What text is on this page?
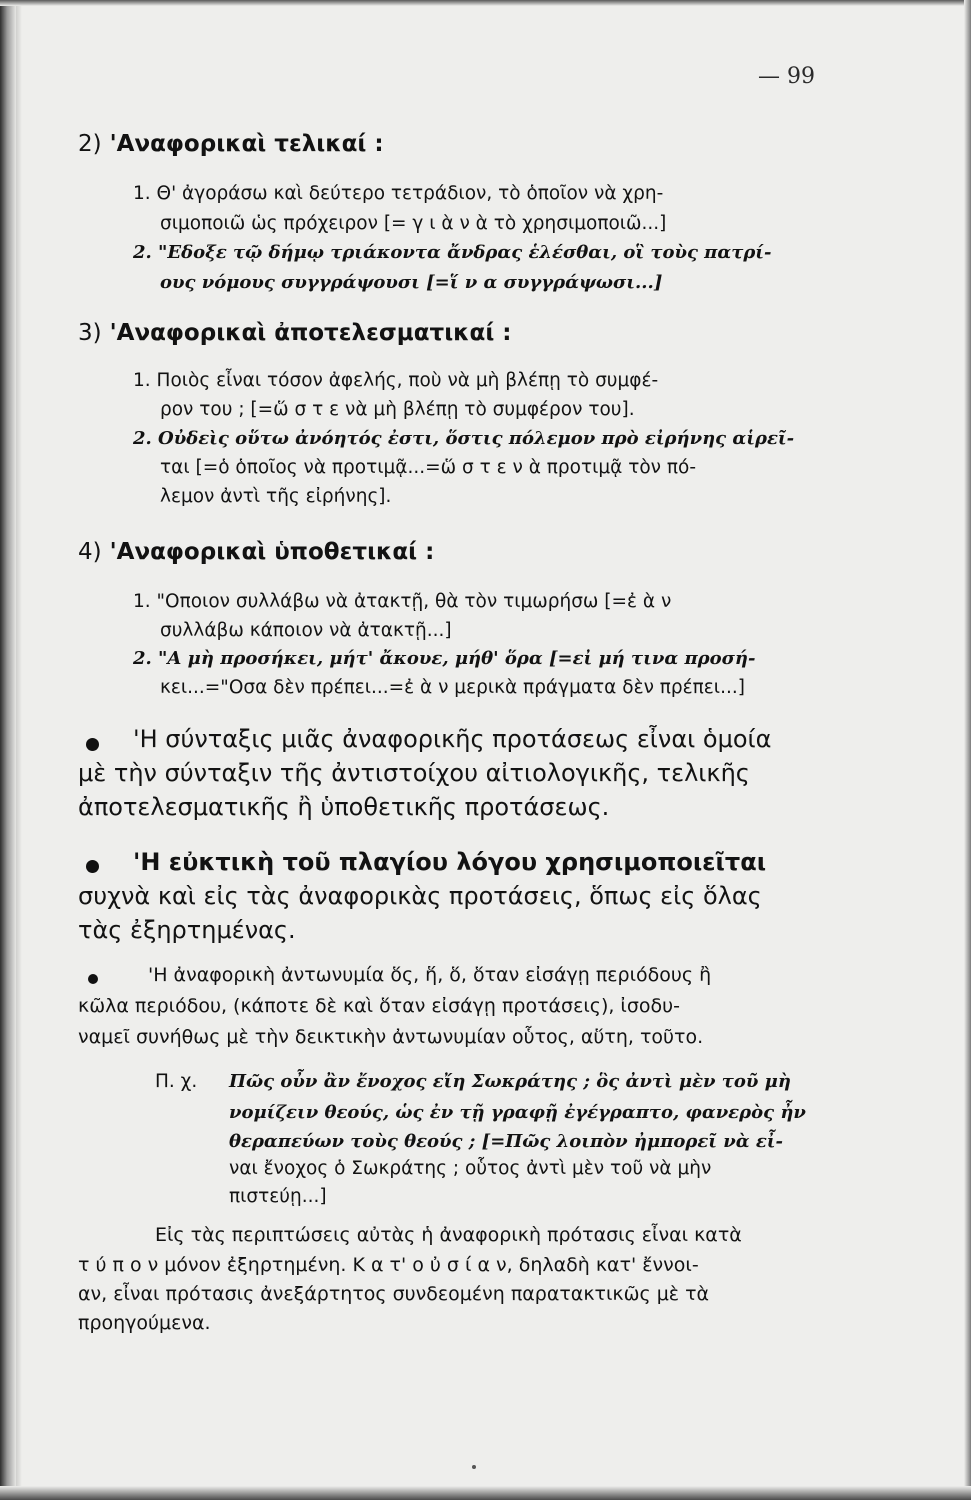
— 99
2) 'Αναφορικαὶ τελικαί :
1. Θ' ἀγοράσω καὶ δεύτερο τετράδιον, τὸ ὁποῖον νὰ χρη-
σιμοποιῶ ὡς πρόχειρον [= γ ι ὰ ν ὰ τὸ χρησιμοποιῶ...]
2. "Εδοξε τῷ δήμῳ τριάκοντα ἄνδρας ἑλέσθαι, οἳ τοὺς πατρί-
ους νόμους συγγράψουσι [=ἵ ν α συγγράψωσι...]
3) 'Αναφορικαὶ ἀποτελεσματικαί :
1. Ποιὸς εἶναι τόσον ἀφελής, ποὺ νὰ μὴ βλέπῃ τὸ συμφέ-
ρον του ; [=ὥ σ τ ε νὰ μὴ βλέπῃ τὸ συμφέρον του].
2. Οὐδεὶς οὕτω ἀνόητός ἐστι, ὅστις πόλεμον πρὸ εἰρήνης αἱρεῖ-
ται [=ὁ ὁποῖος νὰ προτιμᾷ...=ὥ σ τ ε ν ὰ προτιμᾷ τὸν πό-
λεμον ἀντὶ τῆς εἰρήνης].
4) 'Αναφορικαὶ ὑποθετικαί :
1. "Οποιον συλλάβω νὰ ἀτακτῇ, θὰ τὸν τιμωρήσω [=ἐ ὰ ν
συλλάβω κάποιον νὰ ἀτακτῇ...]
2. "Α μὴ προσήκει, μήτ' ἄκουε, μήθ' ὅρα [=εἰ μή τινα προσή-
κει...="Οσα δὲν πρέπει...=ἐ ὰ ν μερικὰ πράγματα δὲν πρέπει...]
'Η σύνταξις μιᾶς ἀναφορικῆς προτάσεως εἶναι ὁμοία
μὲ τὴν σύνταξιν τῆς ἀντιστοίχου αἰτιολογικῆς, τελικῆς
ἀποτελεσματικῆς ἢ ὑποθετικῆς προτάσεως.
'Η εὐκτικὴ τοῦ πλαγίου λόγου χρησιμοποιεῖται
συχνὰ καὶ εἰς τὰς ἀναφορικὰς προτάσεις, ὅπως εἰς ὅλας
τὰς ἐξηρτημένας.
'Η ἀναφορικὴ ἀντωνυμία ὅς, ἥ, ὅ, ὅταν εἰσάγῃ περιόδους ἢ
κῶλα περιόδου, (κάποτε δὲ καὶ ὅταν εἰσάγῃ προτάσεις), ἰσοδυ-
ναμεῖ συνήθως μὲ τὴν δεικτικὴν ἀντωνυμίαν οὗτος, αὕτη, τοῦτο.
Π. χ. Πῶς οὖν ἂν ἔνοχος εἴη Σωκράτης ; ὃς ἀντὶ μὲν τοῦ μὴ
νομίζειν θεούς, ὡς ἐν τῇ γραφῇ ἐγέγραπτο, φανερὸς ἦν
θεραπεύων τοὺς θεούς ; [=Πῶς λοιπὸν ἠμπορεῖ νὰ εἶ-
ναι ἔνοχος ὁ Σωκράτης ; οὗτος ἀντὶ μὲν τοῦ νὰ μὴν
πιστεύῃ...]
Εἰς τὰς περιπτώσεις αὐτὰς ἡ ἀναφορικὴ πρότασις εἶναι κατὰ
τ ύ π ο ν μόνον ἐξηρτημένη. Κ α τ' ο ὐ σ ί α ν, δηλαδὴ κατ' ἔννοι-
αν, εἶναι πρότασις ἀνεξάρτητος συνδεομένη παρατακτικῶς μὲ τὰ
προηγούμενα.
